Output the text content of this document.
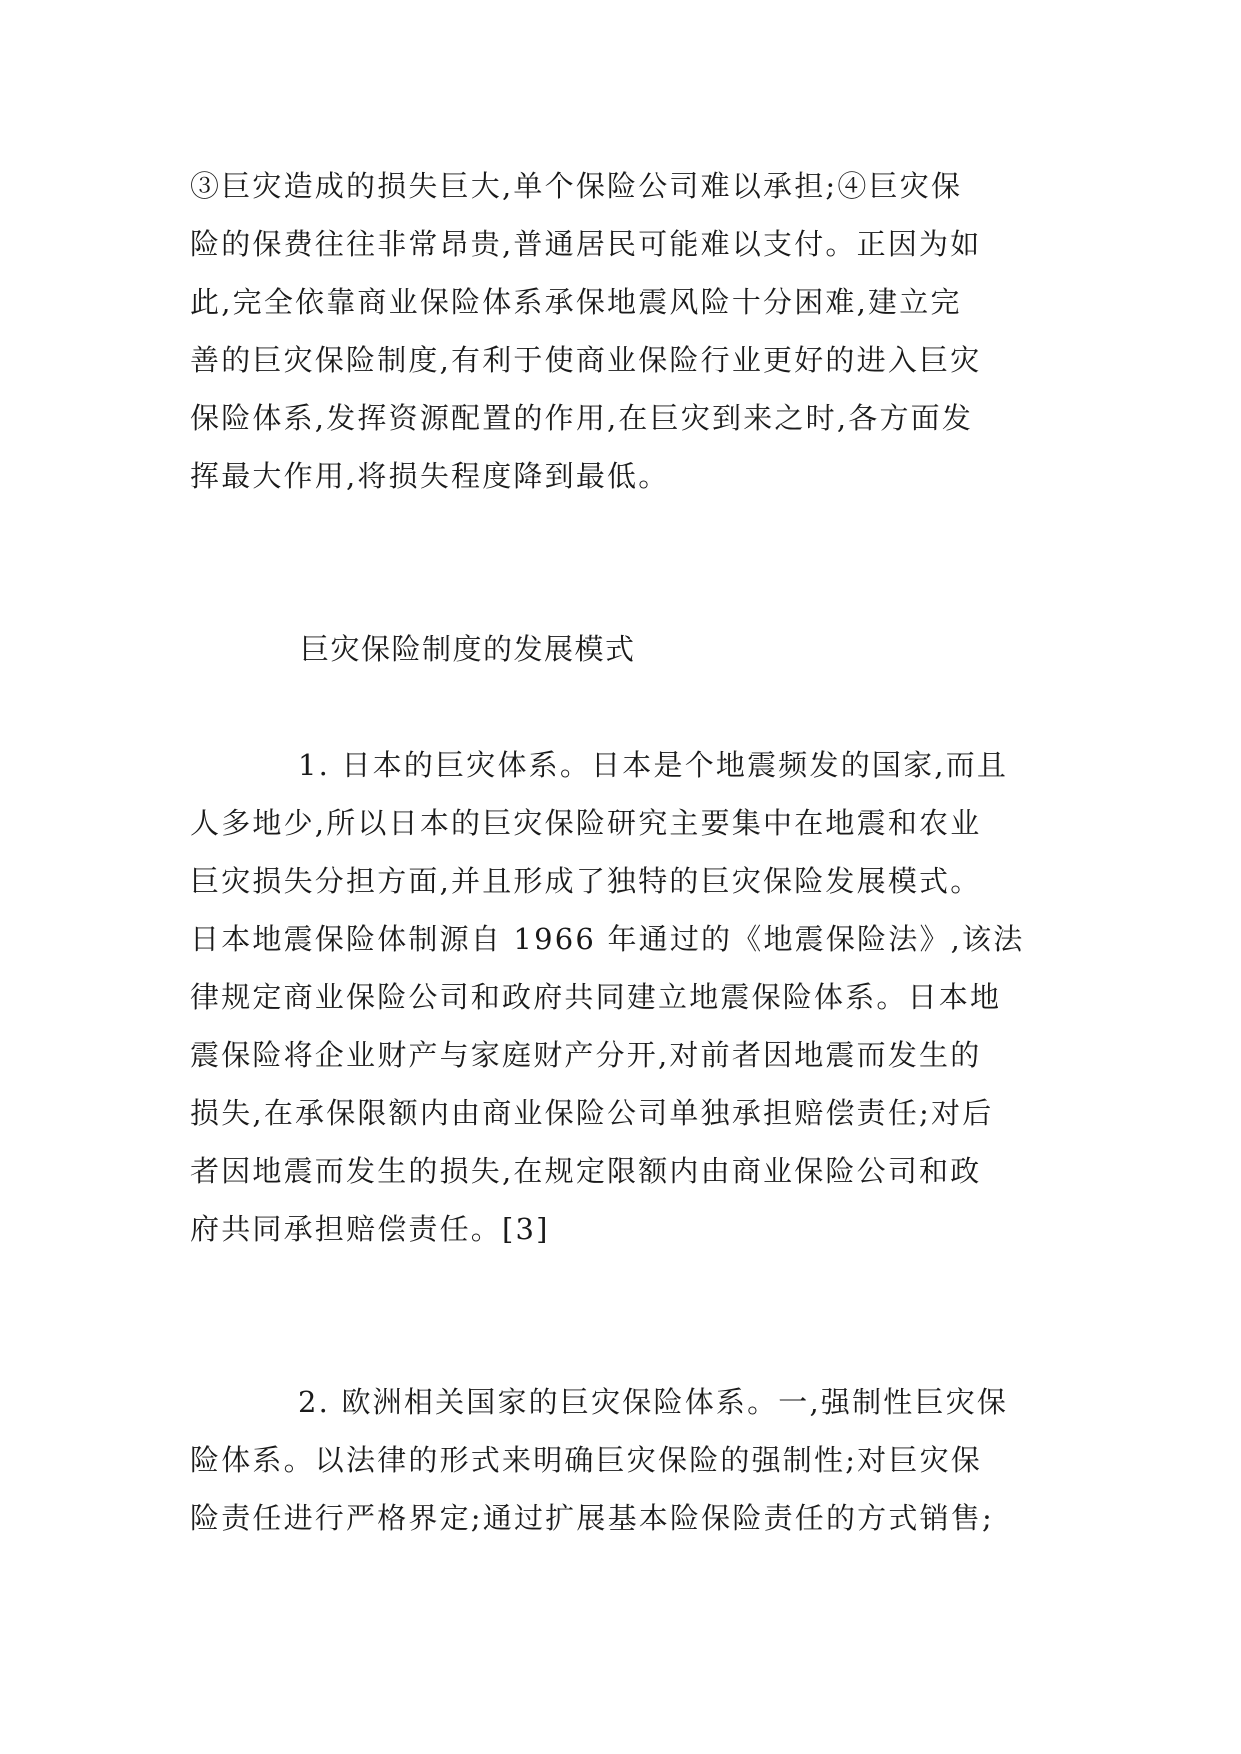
③巨灾造成的损失巨大,单个保险公司难以承担;④巨灾保
险的保费往往非常昂贵,普通居民可能难以支付。正因为如
此,完全依靠商业保险体系承保地震风险十分困难,建立完
善的巨灾保险制度,有利于使商业保险行业更好的进入巨灾
保险体系,发挥资源配置的作用,在巨灾到来之时,各方面发
挥最大作用,将损失程度降到最低。
巨灾保险制度的发展模式
1. 日本的巨灾体系。日本是个地震频发的国家,而且
人多地少,所以日本的巨灾保险研究主要集中在地震和农业
巨灾损失分担方面,并且形成了独特的巨灾保险发展模式。
日本地震保险体制源自 1966 年通过的《地震保险法》,该法
律规定商业保险公司和政府共同建立地震保险体系。日本地
震保险将企业财产与家庭财产分开,对前者因地震而发生的
损失,在承保限额内由商业保险公司单独承担赔偿责任;对后
者因地震而发生的损失,在规定限额内由商业保险公司和政
府共同承担赔偿责任。[3]
2. 欧洲相关国家的巨灾保险体系。一,强制性巨灾保
险体系。以法律的形式来明确巨灾保险的强制性;对巨灾保
险责任进行严格界定;通过扩展基本险保险责任的方式销售;
